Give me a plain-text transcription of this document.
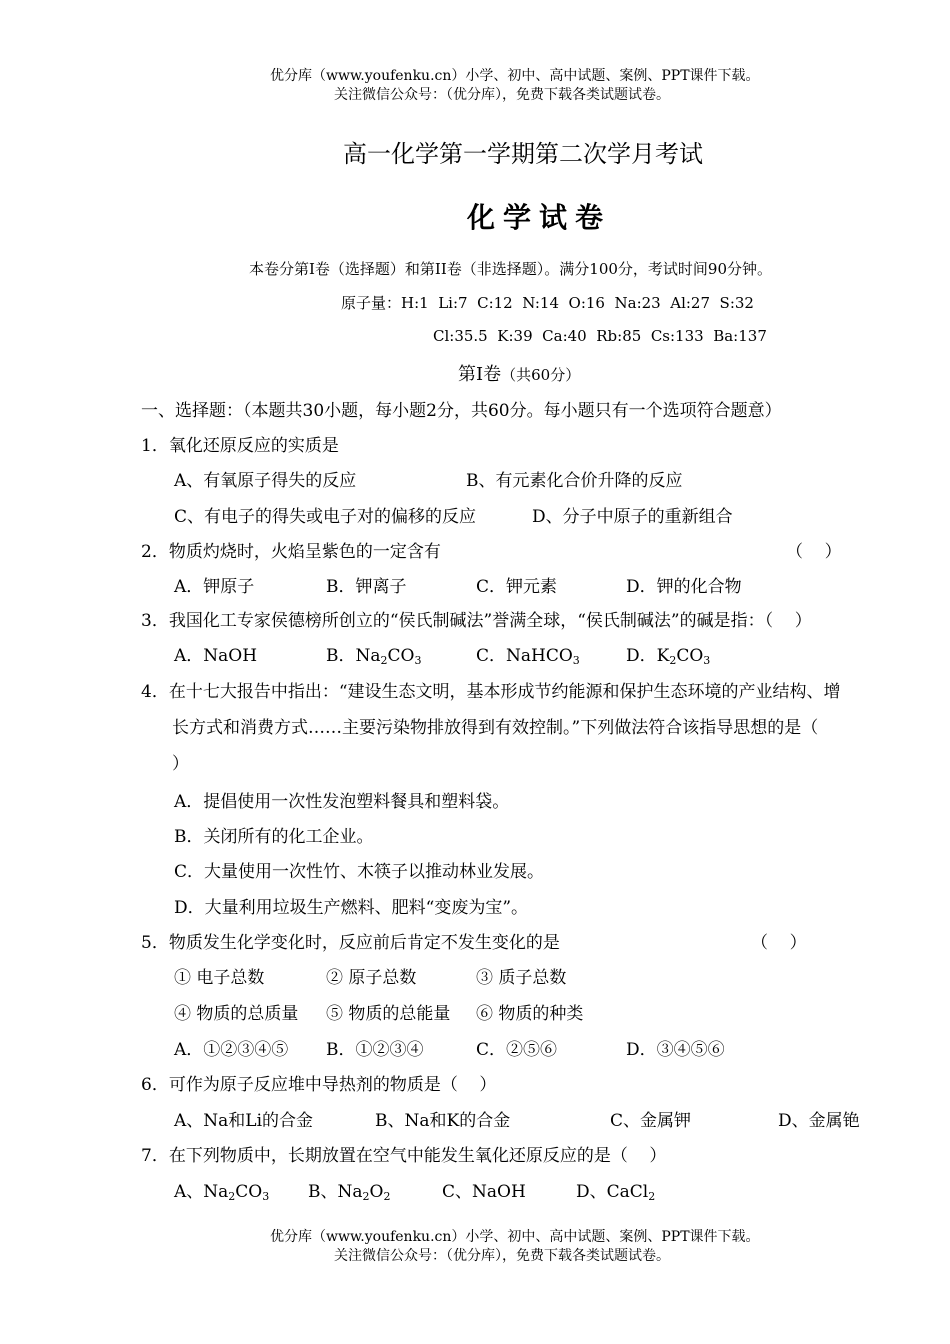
优分库（www.youfenku.cn）小学、初中、高中试题、案例、PPT课件下载。
关注微信公众号：（优分库），免费下载各类试题试卷。
高一化学第一学期第二次学月考试
化学试卷
本卷分第I卷（选择题）和第II卷（非选择题）。满分100分，考试时间90分钟。
原子量：H:1  Li:7  C:12  N:14  O:16  Na:23  Al:27  S:32
Cl:35.5  K:39  Ca:40  Rb:85  Cs:133  Ba:137
第Ⅰ卷（共60分）
一、选择题：（本题共30小题，每小题2分，共60分。每小题只有一个选项符合题意）
1．氧化还原反应的实质是
A、有氧原子得失的反应	B、有元素化合价升降的反应
C、有电子的得失或电子对的偏移的反应	D、分子中原子的重新组合
2．物质灼烧时，火焰呈紫色的一定含有	（    ）
A．钾原子	B．钾离子	C．钾元素	D．钾的化合物
3．我国化工专家侯德榜所创立的“侯氏制碱法”誉满全球，“侯氏制碱法”的碱是指：（    ）
A．NaOH	B．$Na_2CO_3$	C．NaHCO$_3$	D．$K_2CO_3$
4．在十七大报告中指出：“建设生态文明，基本形成节约能源和保护生态环境的产业结构、增
长方式和消费方式……主要污染物排放得到有效控制。”下列做法符合该指导思想的是（
）
A．提倡使用一次性发泡塑料餐具和塑料袋。
B．关闭所有的化工企业。
C．大量使用一次性竹、木筷子以推动林业发展。
D．大量利用垃圾生产燃料、肥料“变废为宝”。
5．物质发生化学变化时，反应前后肯定不发生变化的是	（    ）
① 电子总数	② 原子总数	③ 质子总数
④ 物质的总质量 ⑤ 物质的总能量 ⑥ 物质的种类
A．①②③④⑤ B．①②③④	C．②⑤⑥	D．③④⑤⑥
6．可作为原子反应堆中导热剂的物质是（    ）
A、Na和Li的合金	B、Na和K的合金	C、金属钾	D、金属铯
7．在下列物质中，长期放置在空气中能发生氧化还原反应的是（    ）
A、$Na_2CO_3$ B、$Na_2O_2$	C、NaOH	D、CaCl$_2$
优分库（www.youfenku.cn）小学、初中、高中试题、案例、PPT课件下载。
关注微信公众号：（优分库），免费下载各类试题试卷。
